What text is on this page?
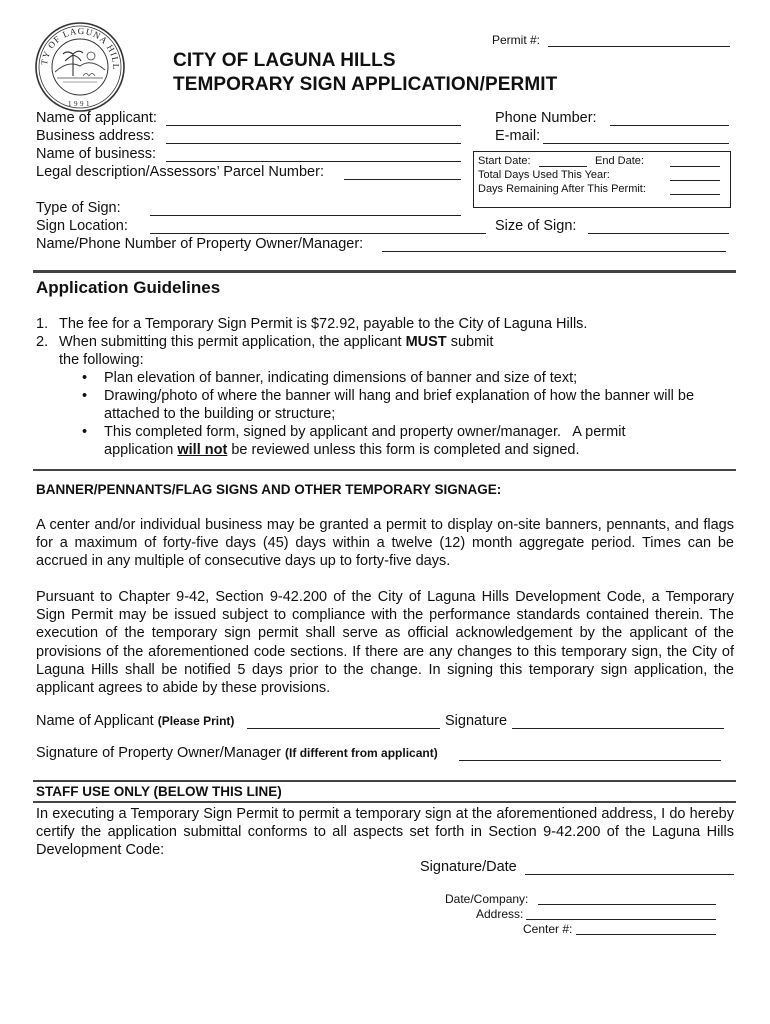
Permit #:
TY OF LAGUNA HILL
1991
CITY OF LAGUNA HILLS
TEMPORARY SIGN APPLICATION/PERMIT
Name of applicant:
Business address:
Name of business:
Legal description/Assessors’ Parcel Number:
Phone Number:
E-mail:
Start Date:	End Date:
Total Days Used This Year:
Days Remaining After This Permit:
Type of Sign:
Sign Location:	Size of Sign:
Name/Phone Number of Property Owner/Manager:
Application Guidelines
1. The fee for a Temporary Sign Permit is $72.92, payable to the City of Laguna Hills.
2. When submitting this permit application, the applicant MUST submit
the following:
• Plan elevation of banner, indicating dimensions of banner and size of text;
• Drawing/photo of where the banner will hang and brief explanation of how the banner will be
attached to the building or structure;
• This completed form, signed by applicant and property owner/manager.   A permit
application will not be reviewed unless this form is completed and signed.
BANNER/PENNANTS/FLAG SIGNS AND OTHER TEMPORARY SIGNAGE:
A center and/or individual business may be granted a permit to display on-site banners, pennants, and flags for a maximum of forty-five days (45) days within a twelve (12) month aggregate period. Times can be accrued in any multiple of consecutive days up to forty-five days.
Pursuant to Chapter 9-42, Section 9-42.200 of the City of Laguna Hills Development Code, a Temporary Sign Permit may be issued subject to compliance with the performance standards contained therein. The execution of the temporary sign permit shall serve as official acknowledgement by the applicant of the provisions of the aforementioned code sections. If there are any changes to this temporary sign, the City of Laguna Hills shall be notified 5 days prior to the change. In signing this temporary sign application, the applicant agrees to abide by these provisions.
Name of Applicant (Please Print)	Signature
Signature of Property Owner/Manager (If different from applicant)
STAFF USE ONLY (BELOW THIS LINE)
In executing a Temporary Sign Permit to permit a temporary sign at the aforementioned address, I do hereby certify the application submittal conforms to all aspects set forth in Section 9-42.200 of the Laguna Hills Development Code:
Signature/Date
Date/Company:
Address:
Center #:
